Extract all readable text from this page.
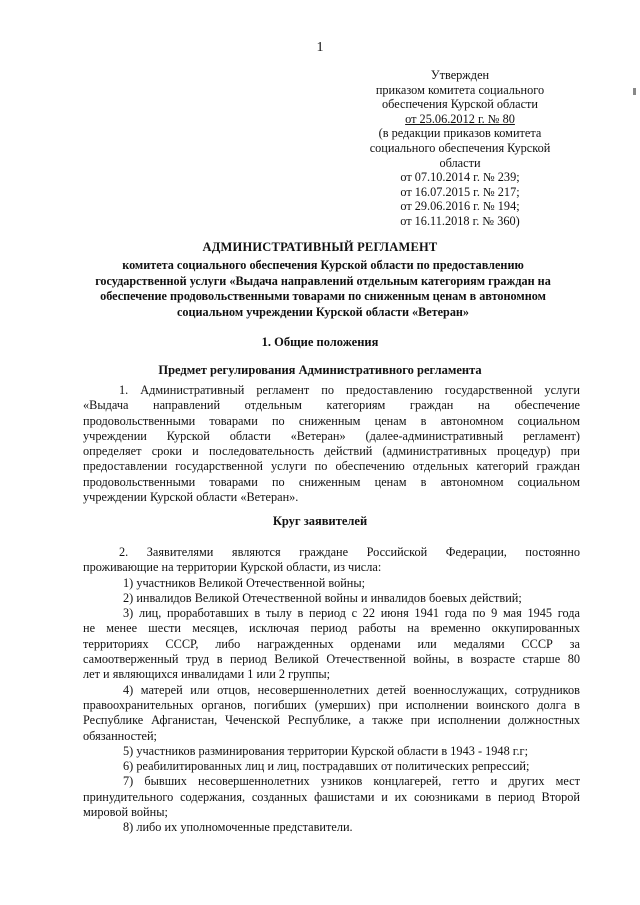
1
Утвержден
приказом комитета социального
обеспечения Курской области
от 25.06.2012 г. № 80
(в редакции приказов комитета
социального обеспечения Курской
области
от 07.10.2014 г. № 239;
от 16.07.2015 г. № 217;
от 29.06.2016 г. № 194;
от 16.11.2018 г. № 360)
АДМИНИСТРАТИВНЫЙ РЕГЛАМЕНТ
комитета социального обеспечения Курской области по предоставлению
государственной услуги «Выдача направлений отдельным категориям граждан на
обеспечение продовольственными товарами по сниженным ценам в автономном
социальном учреждении Курской области «Ветеран»
1. Общие положения
Предмет регулирования Административного регламента
1. Административный регламент по предоставлению государственной услуги
«Выдача направлений отдельным категориям граждан на обеспечение
продовольственными товарами по сниженным ценам в автономном социальном
учреждении Курской области «Ветеран» (далее-административный регламент)
определяет сроки и последовательность действий (административных процедур) при
предоставлении государственной услуги по обеспечению отдельных категорий граждан
продовольственными товарами по сниженным ценам в автономном социальном
учреждении Курской области «Ветеран».
Круг заявителей
2. Заявителями являются граждане Российской Федерации, постоянно
проживающие на территории Курской области, из числа:
1) участников Великой Отечественной войны;
2) инвалидов Великой Отечественной войны и инвалидов боевых действий;
3) лиц, проработавших в тылу в период с 22 июня 1941 года по 9 мая 1945 года
не менее шести месяцев, исключая период работы на временно оккупированных
территориях СССР, либо награжденных орденами или медалями СССР за
самоотверженный труд в период Великой Отечественной войны, в возрасте старше 80
лет и являющихся инвалидами 1 или 2 группы;
4) матерей или отцов, несовершеннолетних детей военнослужащих, сотрудников
правоохранительных органов, погибших (умерших) при исполнении воинского долга в
Республике Афганистан, Чеченской Республике, а также при исполнении должностных
обязанностей;
5) участников разминирования территории Курской области в 1943 - 1948 г.г;
6) реабилитированных лиц и лиц, пострадавших от политических репрессий;
7) бывших несовершеннолетних узников концлагерей, гетто и других мест
принудительного содержания, созданных фашистами и их союзниками в период Второй
мировой войны;
8) либо их уполномоченные представители.
